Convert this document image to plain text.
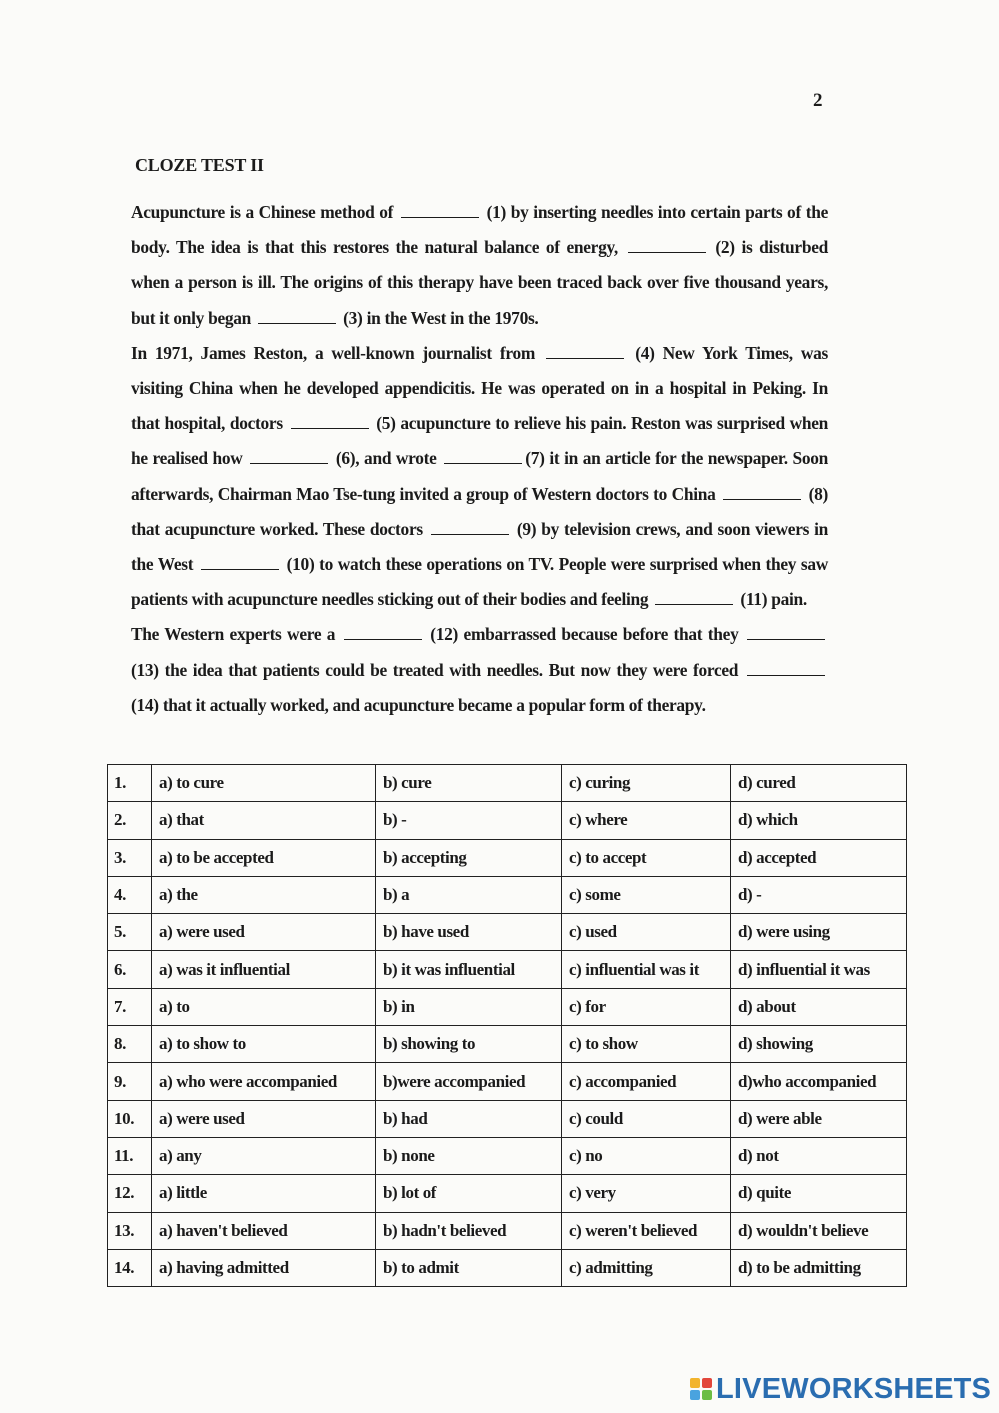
2
CLOZE TEST II

Acupuncture is a Chinese method of	(1) by inserting needles into certain parts of the body. The idea is that this restores the natural balance of energy,	(2) is disturbed when a person is ill. The origins of this therapy have been traced back over five thousand years, but it only began	(3) in the West in the 1970s.

In 1971, James Reston, a well-known journalist from	(4) New York Times, was visiting China when he developed appendicitis. He was operated on in a hospital in Peking. In that hospital, doctors	(5) acupuncture to relieve his pain. Reston was surprised when he realised how	(6), and wrote	(7) it in an article for the newspaper. Soon afterwards, Chairman Mao Tse-tung invited a group of Western doctors to China	(8) that acupuncture worked. These doctors	(9) by television crews, and soon viewers in the West	(10) to watch these operations on TV. People were surprised when they saw patients with acupuncture needles sticking out of their bodies and feeling	(11) pain.

The Western experts were a	(12) embarrassed because before that they  (13) the idea that patients could be treated with needles. But now they were forced  (14) that it actually worked, and acupuncture became a popular form of therapy.

1.	a) to cure	b) cure	c) curing	d) cured
2.	a) that	b) -	c) where	d) which
3.	a) to be accepted	b) accepting	c) to accept	d) accepted
4.	a) the	b) a	c) some	d) -
5.	a) were used	b) have used	c) used	d) were using
6.	a) was it influential	b) it was influential	c) influential was it	d) influential it was
7.	a) to	b) in	c) for	d) about
8.	a) to show to	b) showing to	c) to show	d) showing
9.	a) who were accompanied	b)were accompanied	c) accompanied	d)who accompanied
10.	a) were used	b) had	c) could	d) were able
11.	a) any	b) none	c) no	d) not
12.	a) little	b) lot of	c) very	d) quite
13.	a) haven't believed	b) hadn't believed	c) weren't believed	d) wouldn't believe
14.	a) having admitted	b) to admit	c) admitting	d) to be admitting
LIVEWORKSHEETS
